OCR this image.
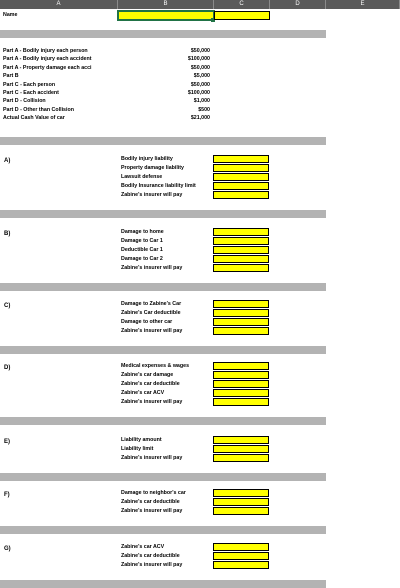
A	B	C	D	E
Name
Part A - Bodily injury each person	$50,000
Part A - Bodily injury each accident	$100,000
Part A - Property damage each acci	$50,000
Part B	$5,000
Part C - Each person	$50,000
Part C - Each accident	$100,000
Part D - Collision	$1,000
Part D - Other than Collision	$500
Actual Cash Value of car	$21,000
A)	Bodily injury liability
Property damage liability
Lawsuit defense
Bodily Insurance liability limit
Zabine's insurer will pay
B)	Damage to home
Damage to Car 1
Deductible Car 1
Damage to Car 2
Zabine's insurer will pay
C)	Damage to Zabine's Car
Zabine's Car deductible
Damage to other car
Zabine's insurer will pay
D)	Medical expenses & wages
Zabine's car damage
Zabine's car deductible
Zabine's car ACV
Zabine's insurer will pay
E)	Liability amount
Liability limit
Zabine's insurer will pay
F)	Damage to neighbor's car
Zabine's car deductible
Zabine's insurer will pay
G)	Zabine's car ACV
Zabine's car deductible
Zabine's insurer will pay
